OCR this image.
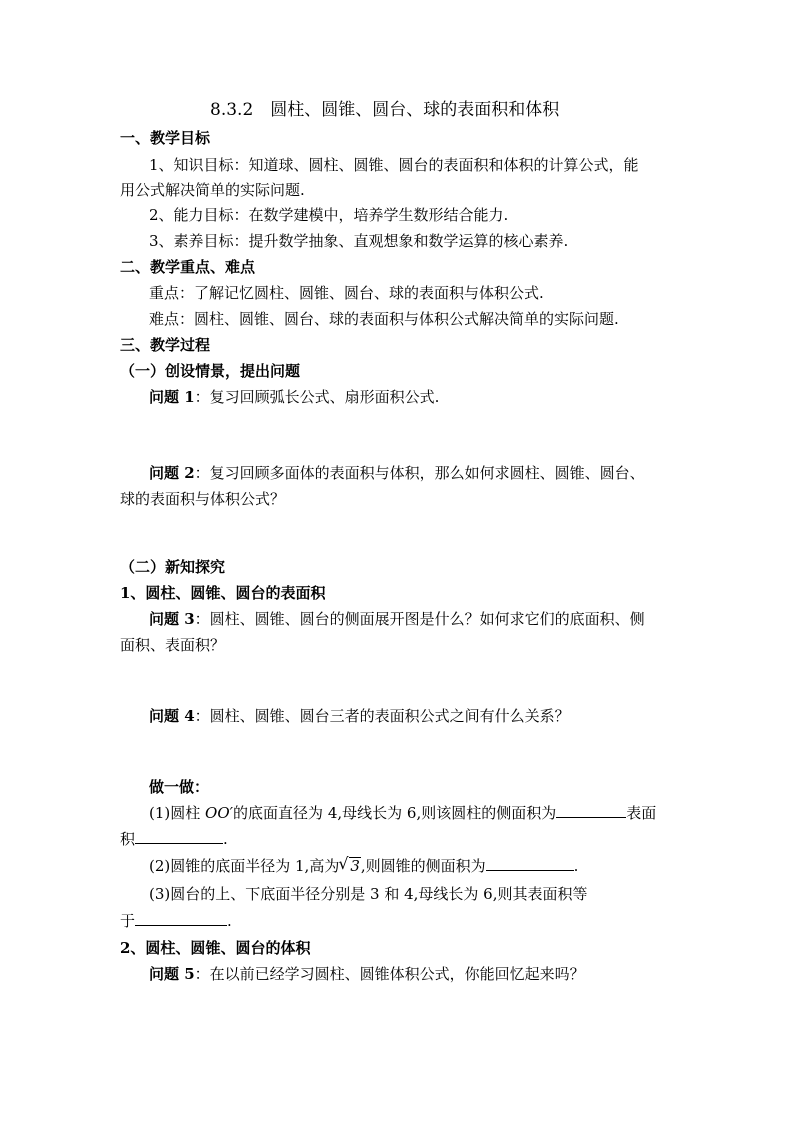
8.3.2　圆柱、圆锥、圆台、球的表面积和体积
一、教学目标
1、知识目标：知道球、圆柱、圆锥、圆台的表面积和体积的计算公式，能
用公式解决简单的实际问题.
2、能力目标：在数学建模中，培养学生数形结合能力.
3、素养目标：提升数学抽象、直观想象和数学运算的核心素养.
二、教学重点、难点
重点：了解记忆圆柱、圆锥、圆台、球的表面积与体积公式.
难点：圆柱、圆锥、圆台、球的表面积与体积公式解决简单的实际问题.
三、教学过程
（一）创设情景，提出问题
问题 1：复习回顾弧长公式、扇形面积公式.
问题 2：复习回顾多面体的表面积与体积，那么如何求圆柱、圆锥、圆台、
球的表面积与体积公式？
（二）新知探究
1、圆柱、圆锥、圆台的表面积
问题 3：圆柱、圆锥、圆台的侧面展开图是什么？如何求它们的底面积、侧
面积、表面积？
问题 4：圆柱、圆锥、圆台三者的表面积公式之间有什么关系？
做一做：
(1)圆柱 OO′的底面直径为 4,母线长为 6,则该圆柱的侧面积为	表面
积	.
(2)圆锥的底面半径为 1,高为√ 3,则圆锥的侧面积为	.
(3)圆台的上、下底面半径分别是 3 和 4,母线长为 6,则其表面积等
于	.
2、圆柱、圆锥、圆台的体积
问题 5：在以前已经学习圆柱、圆锥体积公式，你能回忆起来吗？
